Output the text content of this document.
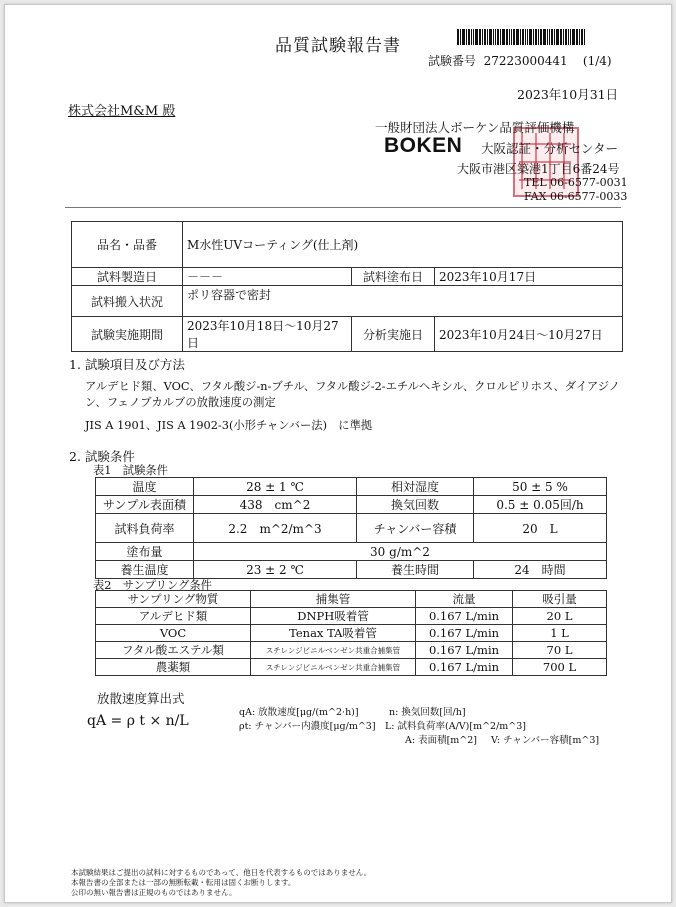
品質試験報告書
試験番号 27223000441 (1/4)
2023年10月31日
株式会社M&M 殿
一般財団法人ボーケン品質評価機構
BOKEN 大阪認証・分析センター
大阪市港区築港1丁目6番24号
TEL 06-6577-0031
FAX 06-6577-0033
品名・品番	M水性UVコーティング(仕上剤)		
試料製造日	－－－	試料塗布日	2023年10月17日
試料搬入状況	ポリ容器で密封		
試験実施期間	2023年10月18日～10月27日	分析実施日	2023年10月24日～10月27日
1. 試験項目及び方法
アルデヒド類、VOC、フタル酸ジ-n-ブチル、フタル酸ジ-2-エチルヘキシル、クロルピリホス、ダイアジノ
ン、フェノブカルブの放散速度の測定
JIS A 1901、JIS A 1902-3(小形チャンバー法)　に準拠
2. 試験条件
表1　試験条件
温度	28 ± 1 ℃	相対湿度	50 ± 5 %
サンプル表面積	438　cm^2	換気回数	0.5 ± 0.05回/h
試料負荷率	2.2　m^2/m^3	チャンバー容積	20　L
塗布量	30 g/m^2		
養生温度	23 ± 2 ℃	養生時間	24　時間
表2　サンプリング条件
サンプリング物質	捕集管	流量	吸引量
アルデヒド類	DNPH吸着管	0.167 L/min	20 L
VOC	Tenax TA吸着管	0.167 L/min	1 L
フタル酸エステル類	スチレンジビニルベンゼン共重合捕集管	0.167 L/min	70 L
農薬類	スチレンジビニルベンゼン共重合捕集管	0.167 L/min	700 L
放散速度算出式
qA = ρ t × n/L
qA: 放散速度[μg/(m^2·h)]
ρt: チャンバー内濃度[μg/m^3]
n: 換気回数[回/h]
L: 試料負荷率(A/V)[m^2/m^3]
A: 表面積[m^2] V: チャンバー容積[m^3]
本試験結果はご提出の試料に対するものであって、他日を代表するものではありません。
本報告書の全部または一部の無断転載・転用は固くお断りします。
公印の無い報告書は正規のものではありません。
